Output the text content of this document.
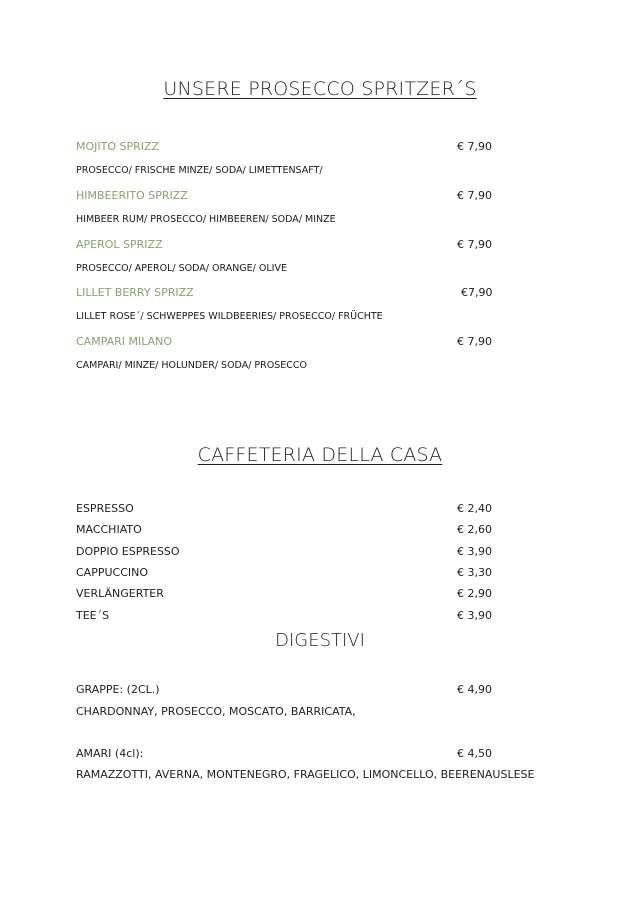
UNSERE PROSECCO SPRITZER´S
MOJITO SPRIZZ	€ 7,90
PROSECCO/ FRISCHE MINZE/ SODA/ LIMETTENSAFT/
HIMBEERITO SPRIZZ	€ 7,90
HIMBEER RUM/ PROSECCO/ HIMBEEREN/ SODA/ MINZE
APEROL SPRIZZ	€ 7,90
PROSECCO/ APEROL/ SODA/ ORANGE/ OLIVE
LILLET BERRY SPRIZZ	€7,90
LILLET ROSE´/ SCHWEPPES WILDBEERIES/ PROSECCO/ FRÜCHTE
CAMPARI MILANO	€ 7,90
CAMPARI/ MINZE/ HOLUNDER/ SODA/ PROSECCO
CAFFETERIA DELLA CASA
ESPRESSO	€ 2,40
MACCHIATO	€ 2,60
DOPPIO ESPRESSO	€ 3,90
CAPPUCCINO	€ 3,30
VERLÄNGERTER	€ 2,90
TEE´S	€ 3,90
DIGESTIVI
GRAPPE: (2CL.)	€ 4,90
CHARDONNAY, PROSECCO, MOSCATO, BARRICATA,
AMARI (4cl):	€ 4,50
RAMAZZOTTI, AVERNA, MONTENEGRO, FRAGELICO, LIMONCELLO, BEERENAUSLESE
